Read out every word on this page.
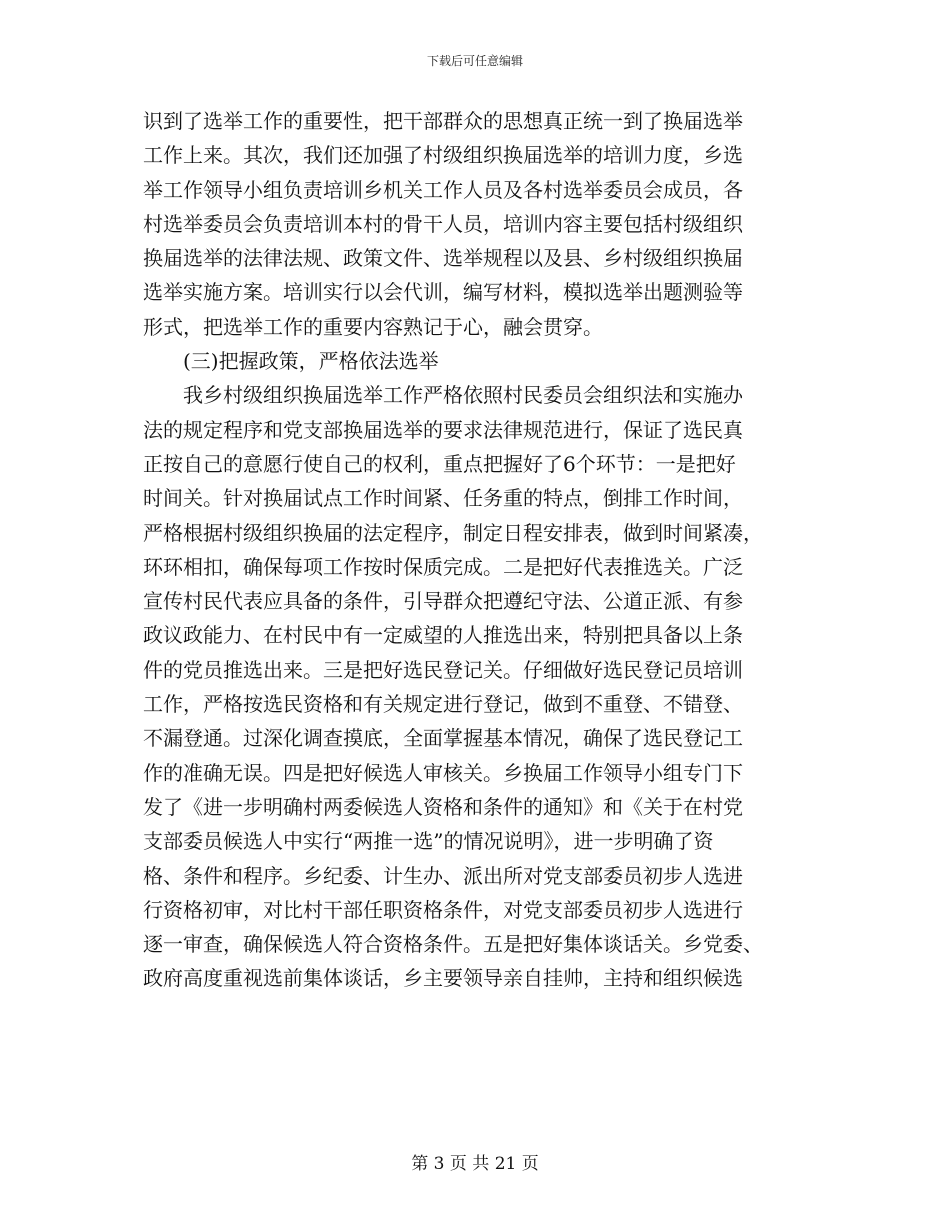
下载后可任意编辑
识到了选举工作的重要性，把干部群众的思想真正统一到了换届选举
工作上来。其次，我们还加强了村级组织换届选举的培训力度，乡选
举工作领导小组负责培训乡机关工作人员及各村选举委员会成员，各
村选举委员会负责培训本村的骨干人员，培训内容主要包括村级组织
换届选举的法律法规、政策文件、选举规程以及县、乡村级组织换届
选举实施方案。培训实行以会代训，编写材料，模拟选举出题测验等
形式，把选举工作的重要内容熟记于心，融会贯穿。
(三)把握政策，严格依法选举
我乡村级组织换届选举工作严格依照村民委员会组织法和实施办
法的规定程序和党支部换届选举的要求法律规范进行，保证了选民真
正按自己的意愿行使自己的权利，重点把握好了6个环节：一是把好
时间关。针对换届试点工作时间紧、任务重的特点，倒排工作时间，
严格根据村级组织换届的法定程序，制定日程安排表，做到时间紧凑，
环环相扣，确保每项工作按时保质完成。二是把好代表推选关。广泛
宣传村民代表应具备的条件，引导群众把遵纪守法、公道正派、有参
政议政能力、在村民中有一定威望的人推选出来，特别把具备以上条
件的党员推选出来。三是把好选民登记关。仔细做好选民登记员培训
工作，严格按选民资格和有关规定进行登记，做到不重登、不错登、
不漏登通。过深化调查摸底，全面掌握基本情况，确保了选民登记工
作的准确无误。四是把好候选人审核关。乡换届工作领导小组专门下
发了《进一步明确村两委候选人资格和条件的通知》和《关于在村党
支部委员候选人中实行“两推一选”的情况说明》，进一步明确了资
格、条件和程序。乡纪委、计生办、派出所对党支部委员初步人选进
行资格初审，对比村干部任职资格条件，对党支部委员初步人选进行
逐一审查，确保候选人符合资格条件。五是把好集体谈话关。乡党委、
政府高度重视选前集体谈话，乡主要领导亲自挂帅，主持和组织候选
第 3 页 共 21 页
